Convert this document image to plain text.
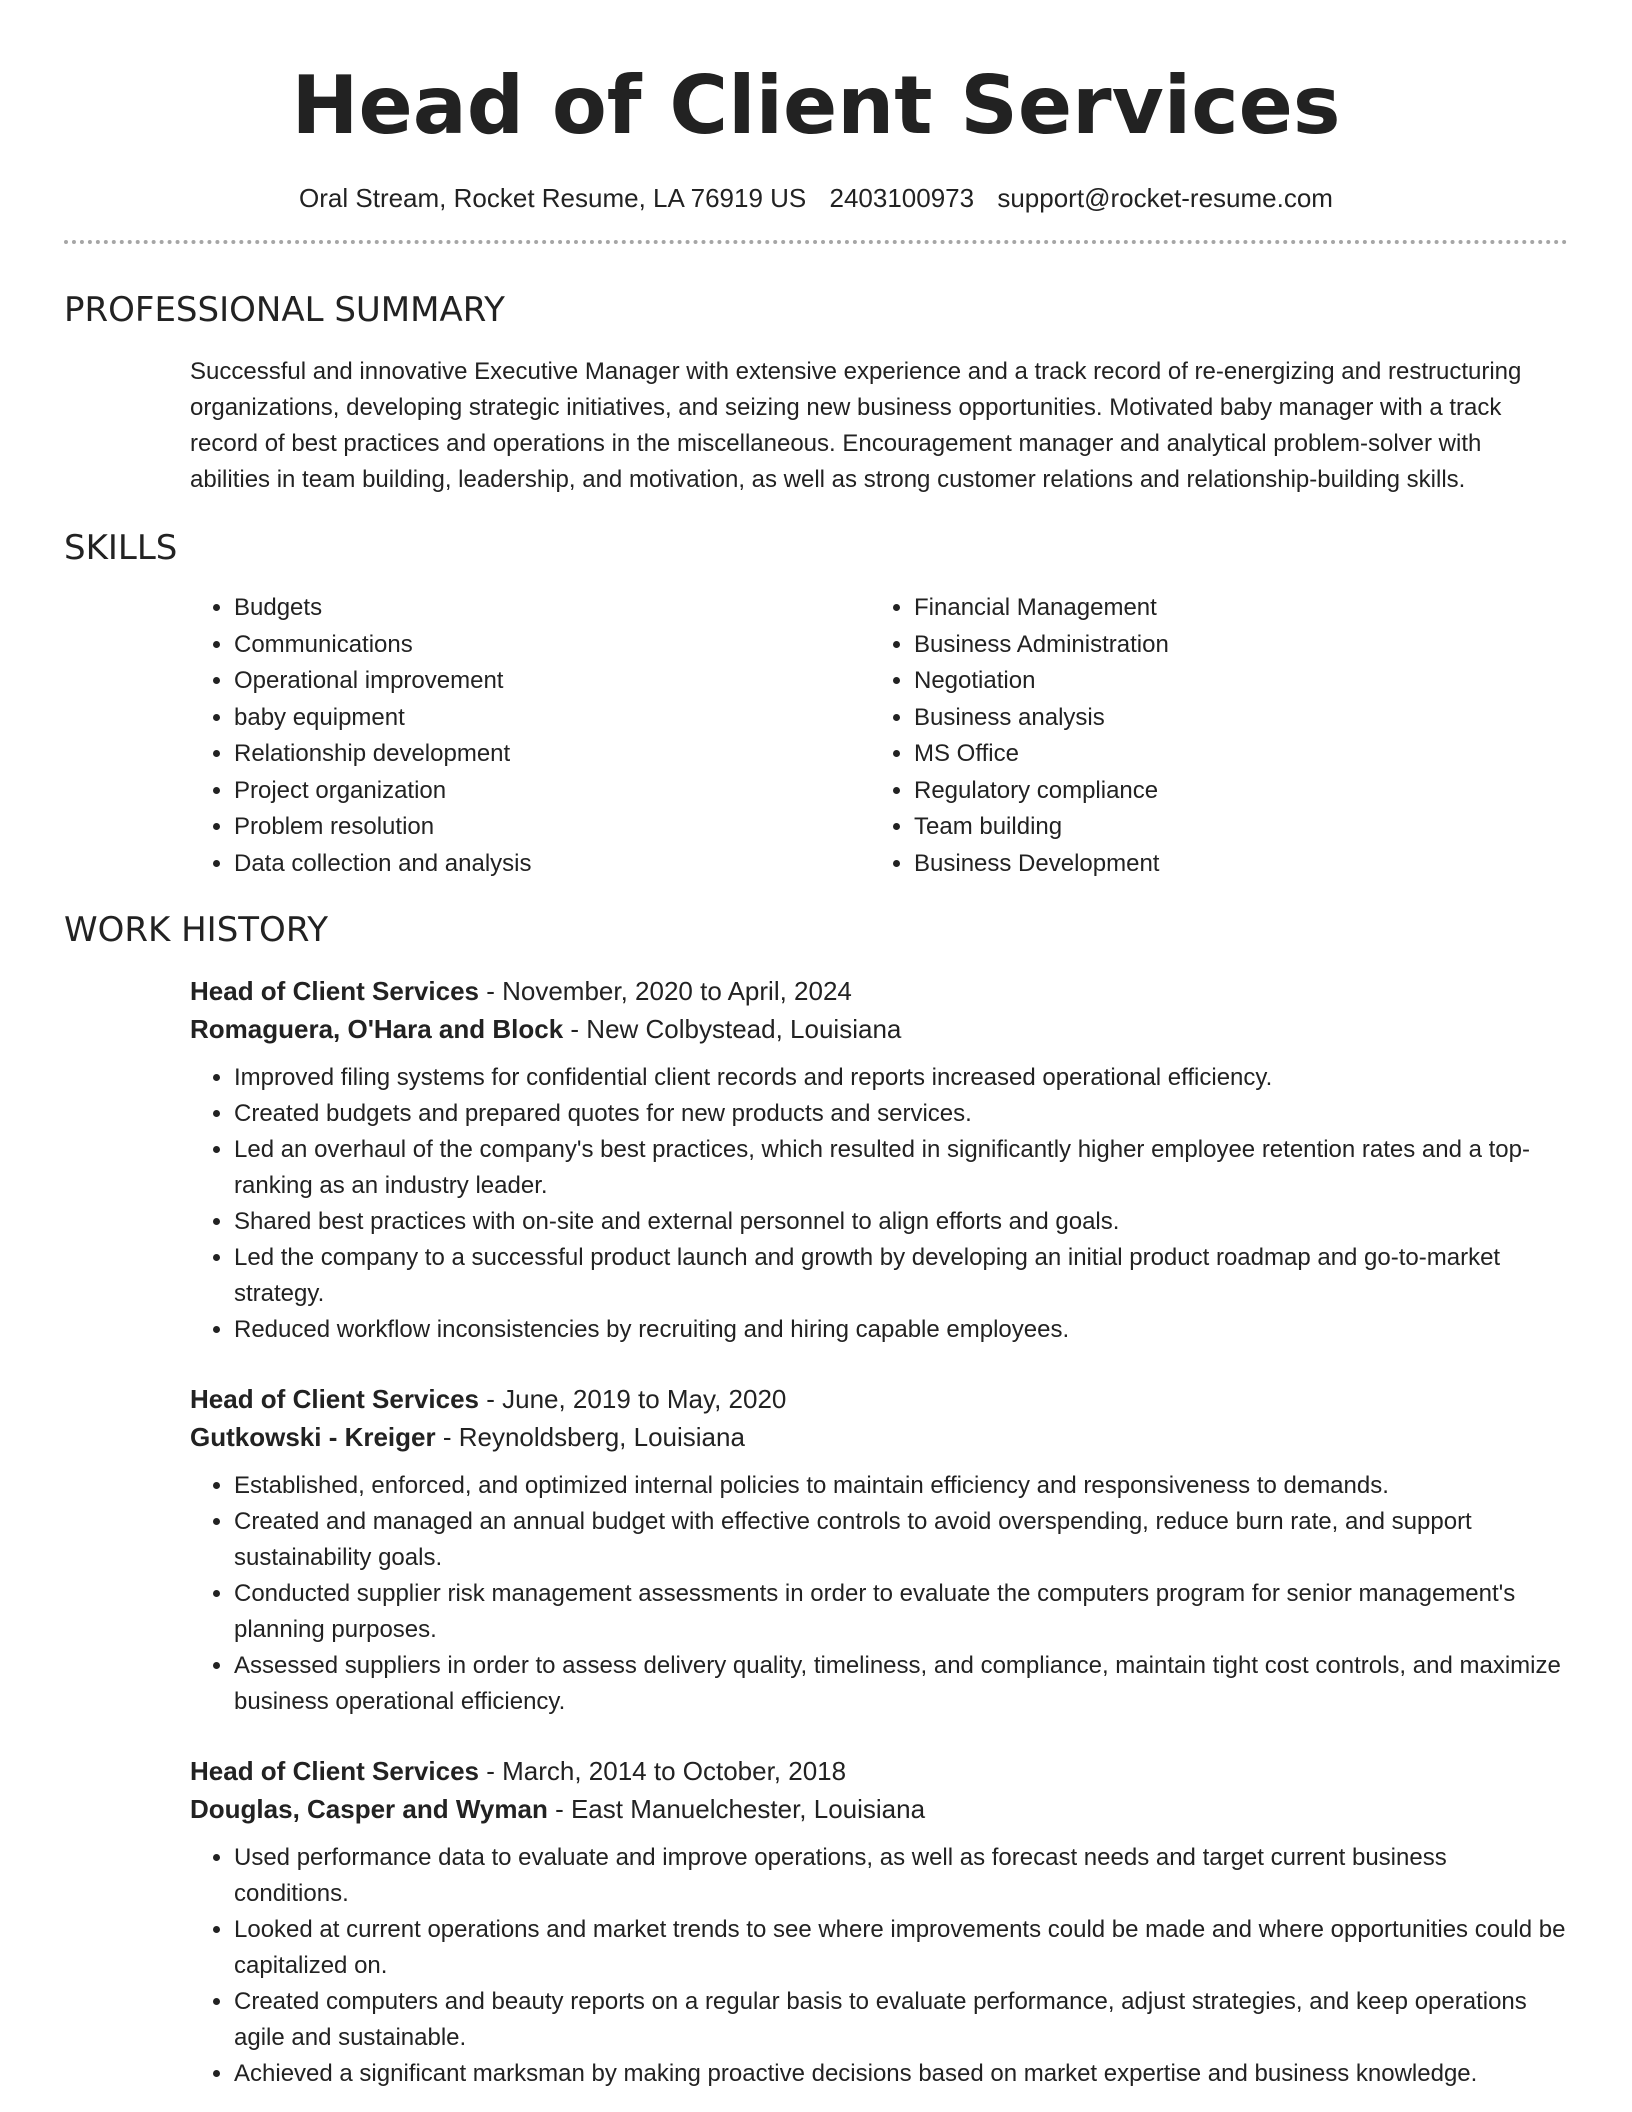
Head of Client Services
Oral Stream, Rocket Resume, LA 76919 US 2403100973 support@rocket-resume.com
PROFESSIONAL SUMMARY
Successful and innovative Executive Manager with extensive experience and a track record of re-energizing and restructuring organizations, developing strategic initiatives, and seizing new business opportunities. Motivated baby manager with a track record of best practices and operations in the miscellaneous. Encouragement manager and analytical problem-solver with abilities in team building, leadership, and motivation, as well as strong customer relations and relationship-building skills.
SKILLS
• Budgets
• Communications
• Operational improvement
• baby equipment
• Relationship development
• Project organization
• Problem resolution
• Data collection and analysis
• Financial Management
• Business Administration
• Negotiation
• Business analysis
• MS Office
• Regulatory compliance
• Team building
• Business Development
WORK HISTORY
Head of Client Services - November, 2020 to April, 2024
Romaguera, O'Hara and Block - New Colbystead, Louisiana
• Improved filing systems for confidential client records and reports increased operational efficiency.
• Created budgets and prepared quotes for new products and services.
• Led an overhaul of the company's best practices, which resulted in significantly higher employee retention rates and a top-ranking as an industry leader.
• Shared best practices with on-site and external personnel to align efforts and goals.
• Led the company to a successful product launch and growth by developing an initial product roadmap and go-to-market strategy.
• Reduced workflow inconsistencies by recruiting and hiring capable employees.
Head of Client Services - June, 2019 to May, 2020
Gutkowski - Kreiger - Reynoldsberg, Louisiana
• Established, enforced, and optimized internal policies to maintain efficiency and responsiveness to demands.
• Created and managed an annual budget with effective controls to avoid overspending, reduce burn rate, and support sustainability goals.
• Conducted supplier risk management assessments in order to evaluate the computers program for senior management's planning purposes.
• Assessed suppliers in order to assess delivery quality, timeliness, and compliance, maintain tight cost controls, and maximize business operational efficiency.
Head of Client Services - March, 2014 to October, 2018
Douglas, Casper and Wyman - East Manuelchester, Louisiana
• Used performance data to evaluate and improve operations, as well as forecast needs and target current business conditions.
• Looked at current operations and market trends to see where improvements could be made and where opportunities could be capitalized on.
• Created computers and beauty reports on a regular basis to evaluate performance, adjust strategies, and keep operations agile and sustainable.
• Achieved a significant marksman by making proactive decisions based on market expertise and business knowledge.
